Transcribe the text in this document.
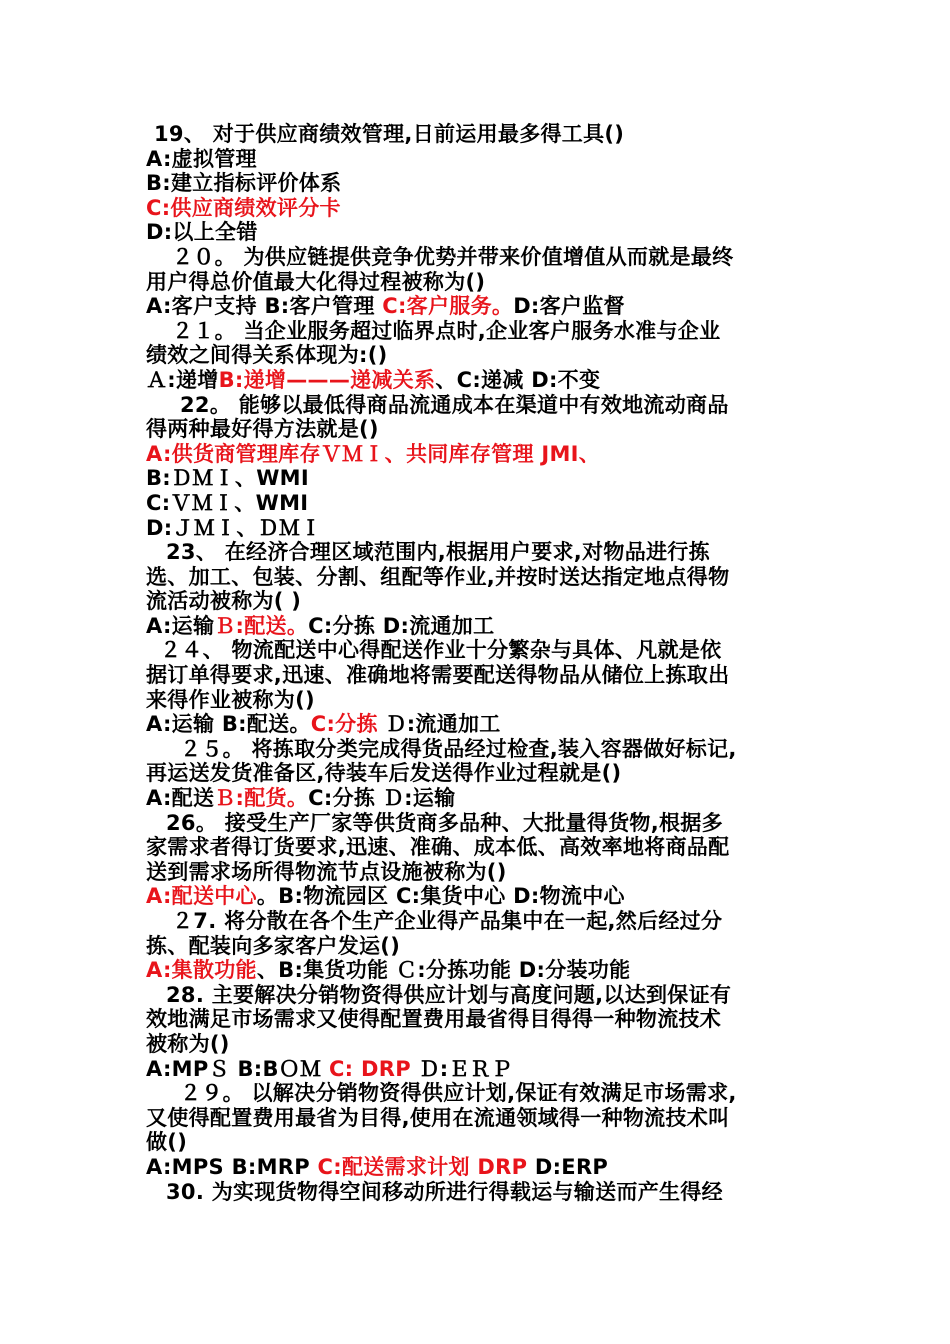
19、 对于供应商绩效管理,日前运用最多得工具()
A:虚拟管理
B:建立指标评价体系
C:供应商绩效评分卡
D:以上全错
２０。 为供应链提供竞争优势并带来价值增值从而就是最终
用户得总价值最大化得过程被称为()
A:客户支持 B:客户管理 C:客户服务。D:客户监督
２１。 当企业服务超过临界点时,企业客户服务水准与企业
绩效之间得关系体现为:()
Ａ:递增B:递增———递减关系、C:递减 D:不变
22。 能够以最低得商品流通成本在渠道中有效地流动商品
得两种最好得方法就是()
A:供货商管理库存ＶＭＩ、共同库存管理 JMI、
B:ＤＭＩ、WMI
C:ＶＭＩ、WMI
D:ＪＭＩ、ＤＭＩ
23、 在经济合理区域范围内,根据用户要求,对物品进行拣
选、加工、包装、分割、组配等作业,并按时送达指定地点得物
流活动被称为( )
A:运输Ｂ:配送。C:分拣 D:流通加工
２４、 物流配送中心得配送作业十分繁杂与具体、凡就是依
据订单得要求,迅速、准确地将需要配送得物品从储位上拣取出
来得作业被称为()
A:运输 B:配送。C:分拣 Ｄ:流通加工
２５。 将拣取分类完成得货品经过检查,装入容器做好标记,
再运送发货准备区,待装车后发送得作业过程就是()
A:配送Ｂ:配货。C:分拣 Ｄ:运输
26。 接受生产厂家等供货商多品种、大批量得货物,根据多
家需求者得订货要求,迅速、准确、成本低、高效率地将商品配
送到需求场所得物流节点设施被称为()
A:配送中心。B:物流园区 C:集货中心 D:物流中心
２7. 将分散在各个生产企业得产品集中在一起,然后经过分
拣、配装向多家客户发运()
A:集散功能、B:集货功能 Ｃ:分拣功能 D:分装功能
28. 主要解决分销物资得供应计划与高度问题,以达到保证有
效地满足市场需求又使得配置费用最省得目得得一种物流技术
被称为()
A:MPＳ B:BＯＭ C: DRP Ｄ:ＥＲＰ
２９。 以解决分销物资得供应计划,保证有效满足市场需求,
又使得配置费用最省为目得,使用在流通领域得一种物流技术叫
做()
A:MPS B:MRP C:配送需求计划 DRP D:ERP
30. 为实现货物得空间移动所进行得载运与输送而产生得经
